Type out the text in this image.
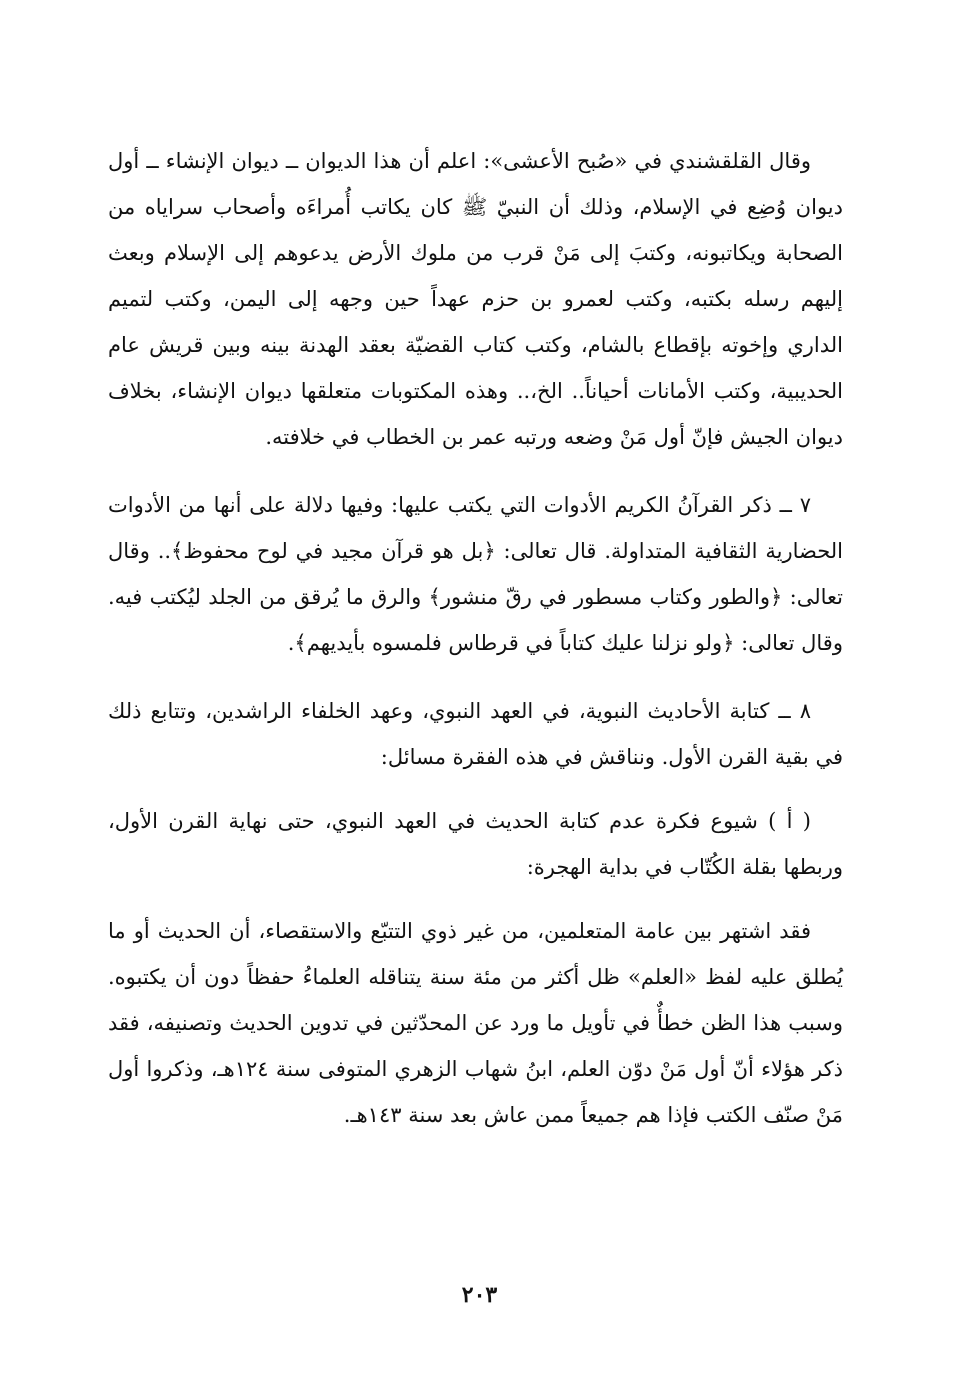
وقال القلقشندي في «صُبح الأعشى»: اعلم أن هذا الديوان ــ ديوان الإنشاء ــ أول ديوان وُضِع في الإسلام، وذلك أن النبيّ ﷺ كان يكاتب أُمراءَه وأصحاب سراياه من الصحابة ويكاتبونه، وكتبَ إلى مَنْ قرب من ملوك الأرض يدعوهم إلى الإسلام وبعث إليهم رسله بكتبه، وكتب لعمرو بن حزم عهداً حين وجهه إلى اليمن، وكتب لتميم الداري وإخوته بإقطاع بالشام، وكتب كتاب القضيّة بعقد الهدنة بينه وبين قريش عام الحديبية، وكتب الأمانات أحياناً.. الخ،.. وهذه المكتوبات متعلقها ديوان الإنشاء، بخلاف ديوان الجيش فإنّ أول مَنْ وضعه ورتبه عمر بن الخطاب في خلافته.

٧ ــ ذكر القرآنُ الكريم الأدوات التي يكتب عليها: وفيها دلالة على أنها من الأدوات الحضارية الثقافية المتداولة. قال تعالى: ﴿بل هو قرآن مجيد في لوح محفوظ﴾.. وقال تعالى: ﴿والطور وكتاب مسطور في رقّ منشور﴾ والرق ما يُرقق من الجلد ليُكتب فيه. وقال تعالى: ﴿ولو نزلنا عليك كتاباً في قرطاس فلمسوه بأيديهم﴾.

٨ ــ كتابة الأحاديث النبوية، في العهد النبوي، وعهد الخلفاء الراشدين، وتتابع ذلك في بقية القرن الأول. ونناقش في هذه الفقرة مسائل:

( أ ) شيوع فكرة عدم كتابة الحديث في العهد النبوي، حتى نهاية القرن الأول، وربطها بقلة الكُتّاب في بداية الهجرة:

فقد اشتهر بين عامة المتعلمين، من غير ذوي التتبّع والاستقصاء، أن الحديث أو ما يُطلق عليه لفظ «العلم» ظل أكثر من مئة سنة يتناقله العلماءُ حفظاً دون أن يكتبوه. وسبب هذا الظن خطأٌ في تأويل ما ورد عن المحدّثين في تدوين الحديث وتصنيفه، فقد ذكر هؤلاء أنّ أول مَنْ دوّن العلم، ابنُ شهاب الزهري المتوفى سنة ١٢٤هـ، وذكروا أول مَنْ صنّف الكتب فإذا هم جميعاً ممن عاش بعد سنة ١٤٣هـ.

٢٠٣
